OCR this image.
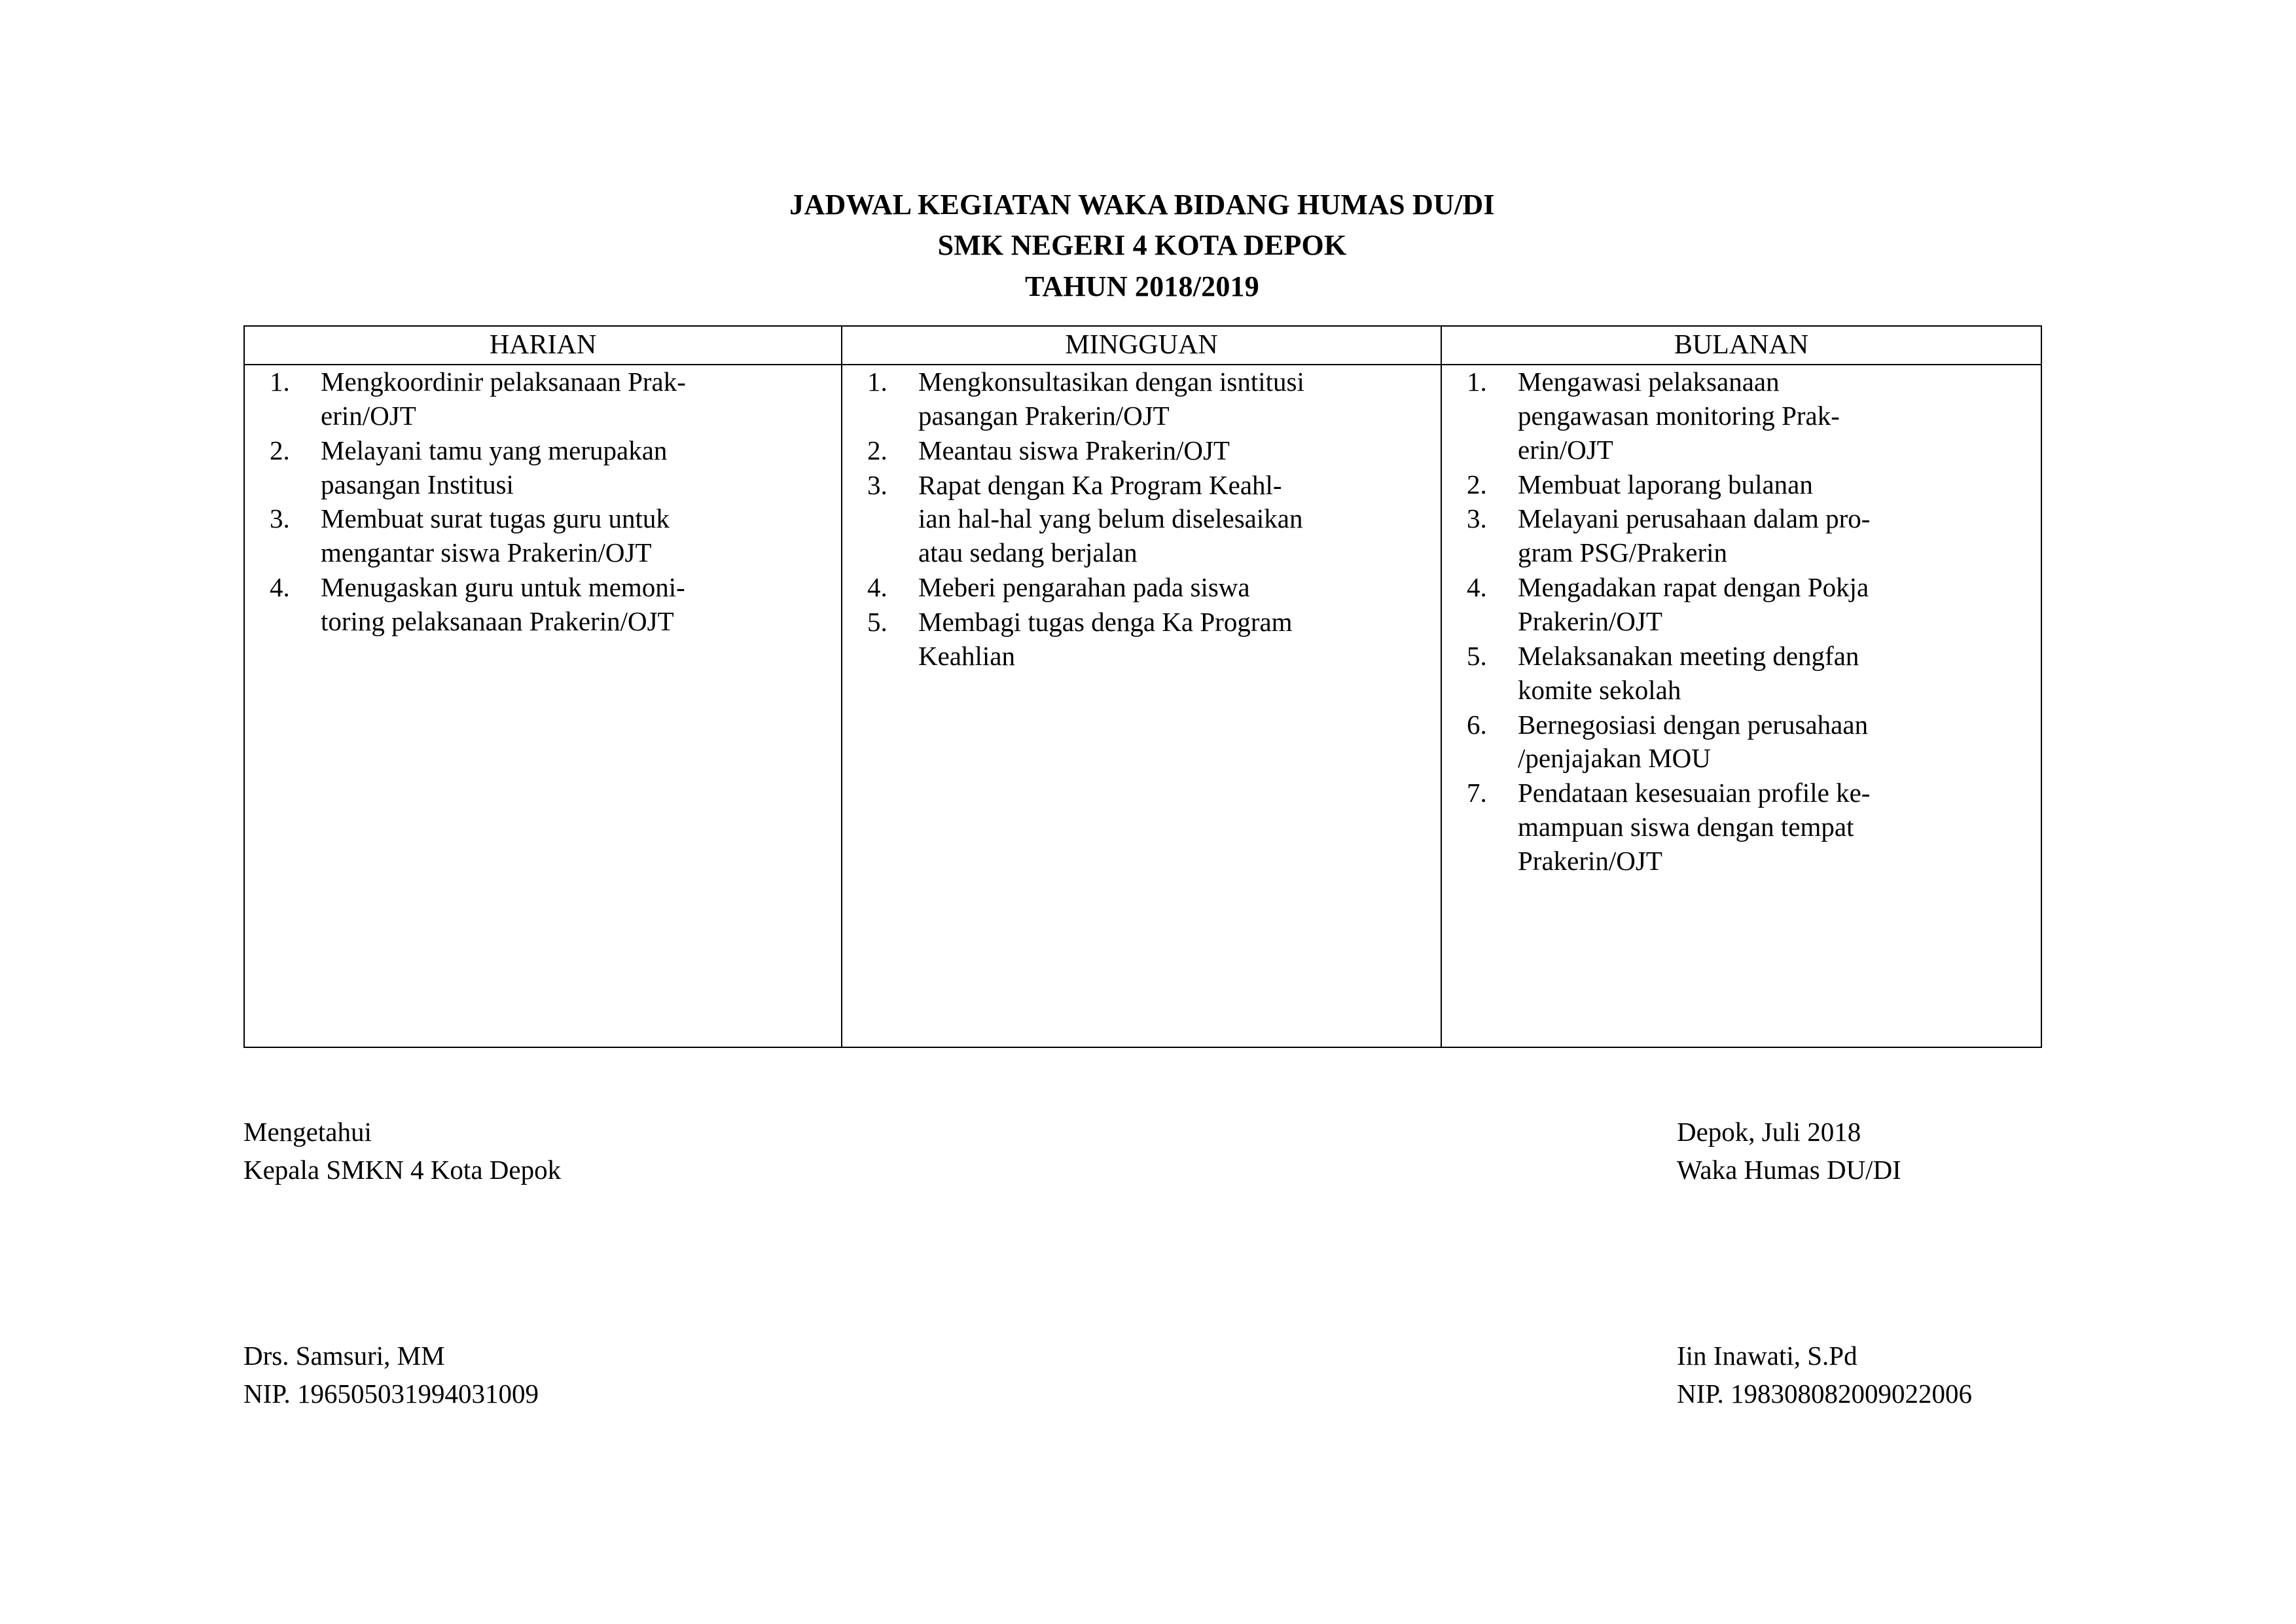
JADWAL KEGIATAN WAKA BIDANG HUMAS DU/DI
SMK NEGERI 4 KOTA DEPOK
TAHUN 2018/2019
HARIAN	MINGGUAN	BULANAN

1.	Mengkoordinir pelaksanaan Prak-
erin/OJT
2.	Melayani tamu yang merupakan
pasangan Institusi
3.	Membuat surat tugas guru untuk
mengantar siswa Prakerin/OJT
4.	Menugaskan guru untuk memoni-
toring pelaksanaan Prakerin/OJT

1.	Mengkonsultasikan dengan isntitusi
pasangan Prakerin/OJT
2.	Meantau siswa Prakerin/OJT
3.	Rapat dengan Ka Program Keahl-
ian hal-hal yang belum diselesaikan
atau sedang berjalan
4.	Meberi pengarahan pada siswa
5.	Membagi tugas denga Ka Program
Keahlian

1.	Mengawasi pelaksanaan
pengawasan monitoring Prak-
erin/OJT
2.	Membuat laporang bulanan
3.	Melayani perusahaan dalam pro-
gram PSG/Prakerin
4.	Mengadakan rapat dengan Pokja
Prakerin/OJT
5.	Melaksanakan meeting dengfan
komite sekolah
6.	Bernegosiasi dengan perusahaan
/penjajakan MOU
7.	Pendataan kesesuaian profile ke-
mampuan siswa dengan tempat
Prakerin/OJT
Mengetahui
Kepala SMKN 4 Kota Depok
Depok, Juli 2018
Waka Humas DU/DI
Drs. Samsuri, MM
NIP. 196505031994031009
Iin Inawati, S.Pd
NIP. 198308082009022006
